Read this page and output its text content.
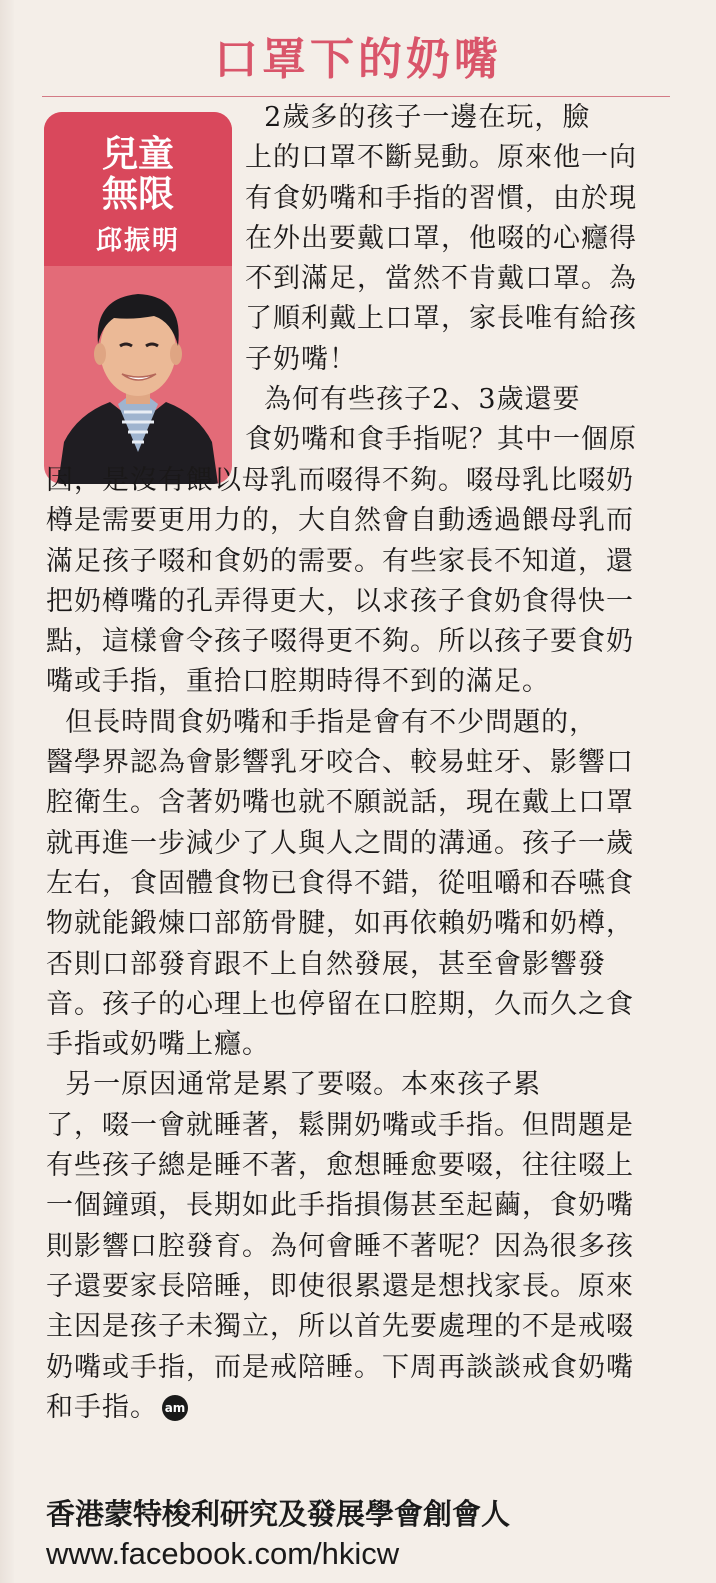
口罩下的奶嘴
兒童
無限
邱振明
2歲多的孩子一邊在玩，臉
上的口罩不斷晃動。原來他一向
有食奶嘴和手指的習慣，由於現
在外出要戴口罩，他啜的心癮得
不到滿足，當然不肯戴口罩。為
了順利戴上口罩，家長唯有給孩
子奶嘴！
為何有些孩子2、3歲還要
食奶嘴和食手指呢？其中一個原
因，是沒有餵以母乳而啜得不夠。啜母乳比啜奶
樽是需要更用力的，大自然會自動透過餵母乳而
滿足孩子啜和食奶的需要。有些家長不知道，還
把奶樽嘴的孔弄得更大，以求孩子食奶食得快一
點，這樣會令孩子啜得更不夠。所以孩子要食奶
嘴或手指，重拾口腔期時得不到的滿足。
但長時間食奶嘴和手指是會有不少問題的，
醫學界認為會影響乳牙咬合、較易蛀牙、影響口
腔衛生。含著奶嘴也就不願説話，現在戴上口罩
就再進一步減少了人與人之間的溝通。孩子一歲
左右，食固體食物已食得不錯，從咀嚼和吞嚥食
物就能鍛煉口部筋骨腱，如再依賴奶嘴和奶樽，
否則口部發育跟不上自然發展，甚至會影響發
音。孩子的心理上也停留在口腔期，久而久之食
手指或奶嘴上癮。
另一原因通常是累了要啜。本來孩子累
了，啜一會就睡著，鬆開奶嘴或手指。但問題是
有些孩子總是睡不著，愈想睡愈要啜，往往啜上
一個鐘頭，長期如此手指損傷甚至起繭，食奶嘴
則影響口腔發育。為何會睡不著呢？因為很多孩
子還要家長陪睡，即使很累還是想找家長。原來
主因是孩子未獨立，所以首先要處理的不是戒啜
奶嘴或手指，而是戒陪睡。下周再談談戒食奶嘴
和手指。 am
香港蒙特梭利研究及發展學會創會人
www.facebook.com/hkicw
